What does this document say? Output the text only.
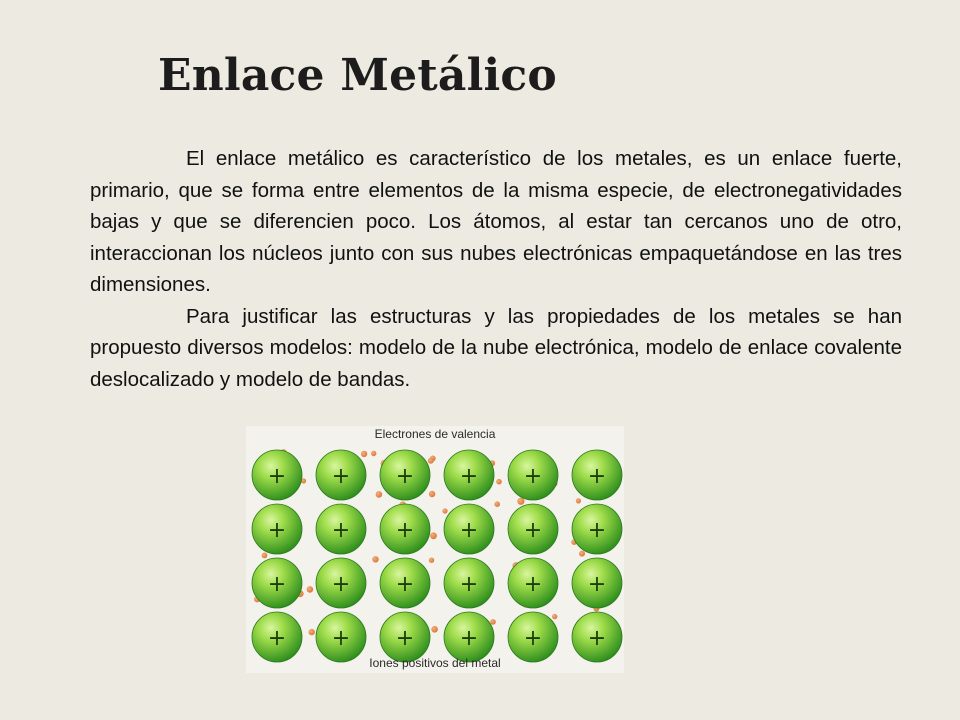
Enlace Metálico

El enlace metálico es característico de los metales, es un enlace fuerte, primario, que se forma entre elementos de la misma especie, de electronegatividades bajas y que se diferencien poco. Los átomos, al estar tan cercanos uno de otro, interaccionan los núcleos junto con sus nubes electrónicas empaquetándose en las tres dimensiones.

Para justificar las estructuras y las propiedades de los metales se han propuesto diversos modelos: modelo de la nube electrónica, modelo de enlace covalente deslocalizado y modelo de bandas.

Electrones de valencia
+ + + + + +
+ + + + + +
+ + + + + +
+ + + + + +
Iones positivos del metal
